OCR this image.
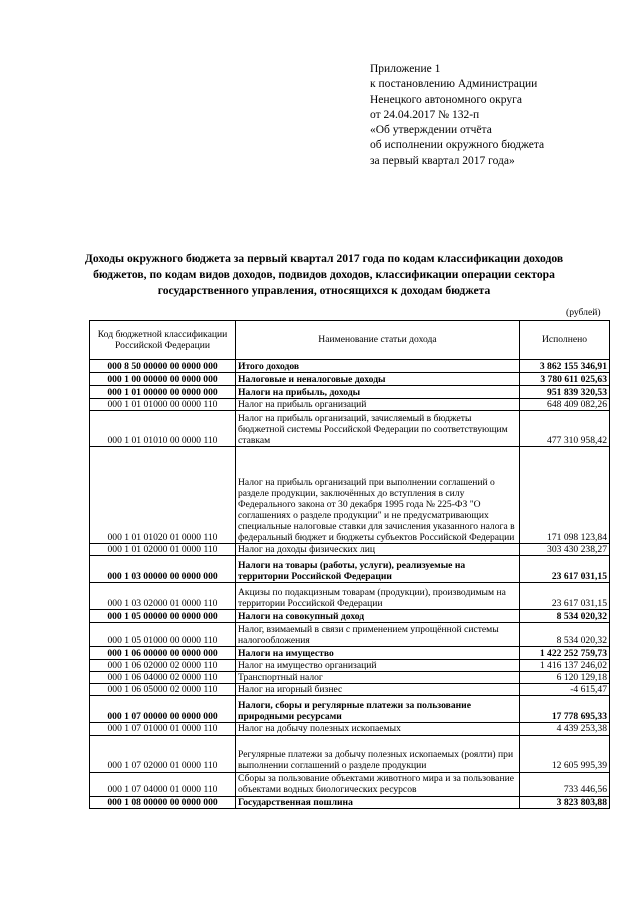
Приложение 1
к постановлению Администрации
Ненецкого автономного округа
от 24.04.2017 № 132-п
«Об утверждении отчёта
об исполнении окружного бюджета
за первый квартал 2017 года»
Доходы окружного бюджета за первый квартал 2017 года по кодам классификации доходов бюджетов, по кодам видов доходов, подвидов доходов, классификации операции сектора государственного управления, относящихся к доходам бюджета
(рублей)
Код бюджетной классификации Российской Федерации	Наименование статьи дохода	Исполнено
000 8 50 00000 00 0000 000	Итого доходов	3 862 155 346,91
000 1 00 00000 00 0000 000	Налоговые и неналоговые доходы	3 780 611 025,63
000 1 01 00000 00 0000 000	Налоги на прибыль, доходы	951 839 320,53
000 1 01 01000 00 0000 110	Налог на прибыль организаций	648 409 082,26
000 1 01 01010 00 0000 110	Налог на прибыль организаций, зачисляемый в бюджеты бюджетной системы Российской Федерации по соответствующим ставкам	477 310 958,42
000 1 01 01020 01 0000 110	Налог на прибыль организаций при выполнении соглашений о разделе продукции, заключённых до вступления в силу Федерального закона от 30 декабря 1995 года № 225-ФЗ "О соглашениях о разделе продукции" и не предусматривающих специальные налоговые ставки для зачисления указанного налога в федеральный бюджет и бюджеты субъектов Российской Федерации	171 098 123,84
000 1 01 02000 01 0000 110	Налог на доходы физических лиц	303 430 238,27
000 1 03 00000 00 0000 000	Налоги на товары (работы, услуги), реализуемые на территории Российской Федерации	23 617 031,15
000 1 03 02000 01 0000 110	Акцизы по подакцизным товарам (продукции), производимым на территории Российской Федерации	23 617 031,15
000 1 05 00000 00 0000 000	Налоги на совокупный доход	8 534 020,32
000 1 05 01000 00 0000 110	Налог, взимаемый в связи с применением упрощённой системы налогообложения	8 534 020,32
000 1 06 00000 00 0000 000	Налоги на имущество	1 422 252 759,73
000 1 06 02000 02 0000 110	Налог на имущество организаций	1 416 137 246,02
000 1 06 04000 02 0000 110	Транспортный налог	6 120 129,18
000 1 06 05000 02 0000 110	Налог на игорный бизнес	-4 615,47
000 1 07 00000 00 0000 000	Налоги, сборы и регулярные платежи за пользование природными ресурсами	17 778 695,33
000 1 07 01000 01 0000 110	Налог на добычу полезных ископаемых	4 439 253,38
000 1 07 02000 01 0000 110	Регулярные платежи за добычу полезных ископаемых (роялти) при выполнении соглашений о разделе продукции	12 605 995,39
000 1 07 04000 01 0000 110	Сборы за пользование объектами животного мира и за пользование объектами водных биологических ресурсов	733 446,56
000 1 08 00000 00 0000 000	Государственная пошлина	3 823 803,88
